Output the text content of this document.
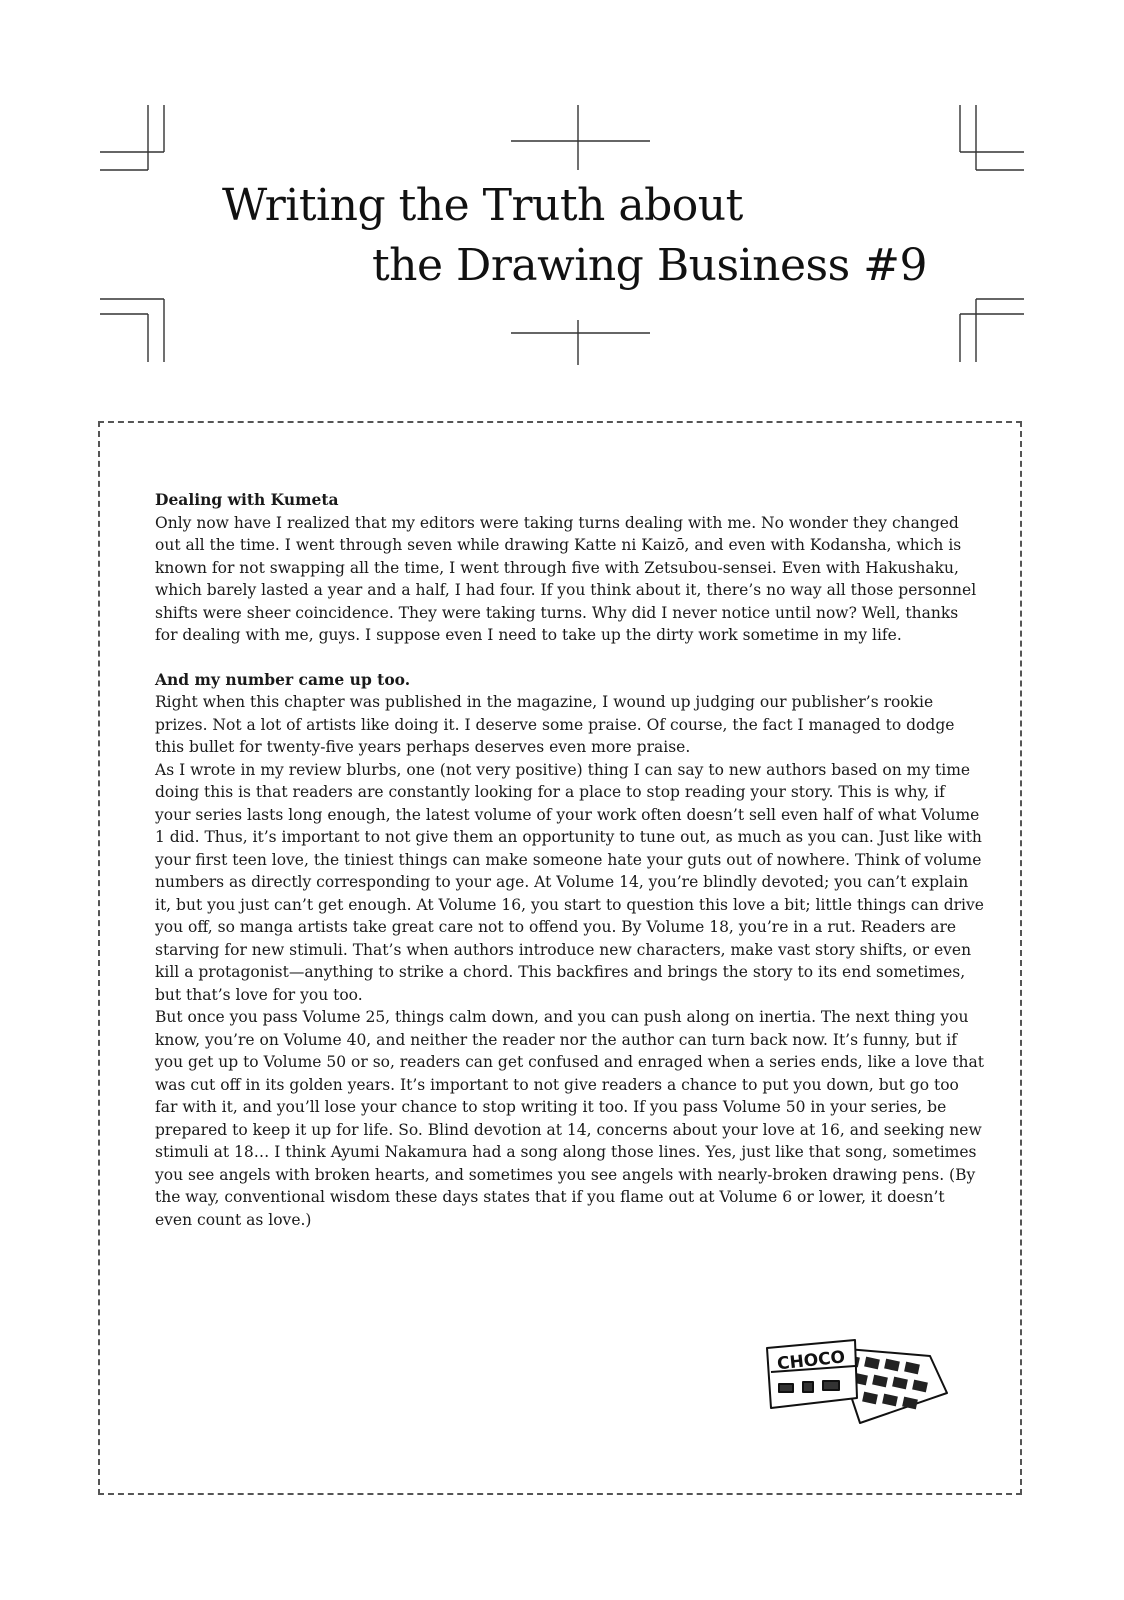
Writing the Truth about
the Drawing Business #9

Dealing with Kumeta

Only now have I realized that my editors were taking turns dealing with me. No wonder they changed out all the time. I went through seven while drawing Katte ni Kaizō, and even with Kodansha, which is known for not swapping all the time, I went through five with Zetsubou-sensei. Even with Hakushaku, which barely lasted a year and a half, I had four. If you think about it, there’s no way all those personnel shifts were sheer coincidence. They were taking turns. Why did I never notice until now? Well, thanks for dealing with me, guys. I suppose even I need to take up the dirty work sometime in my life.

And my number came up too.

Right when this chapter was published in the magazine, I wound up judging our publisher’s rookie prizes. Not a lot of artists like doing it. I deserve some praise. Of course, the fact I managed to dodge this bullet for twenty-five years perhaps deserves even more praise.

As I wrote in my review blurbs, one (not very positive) thing I can say to new authors based on my time doing this is that readers are constantly looking for a place to stop reading your story. This is why, if your series lasts long enough, the latest volume of your work often doesn’t sell even half of what Volume 1 did. Thus, it’s important to not give them an opportunity to tune out, as much as you can. Just like with your first teen love, the tiniest things can make someone hate your guts out of nowhere. Think of volume numbers as directly corresponding to your age. At Volume 14, you’re blindly devoted; you can’t explain it, but you just can’t get enough. At Volume 16, you start to question this love a bit; little things can drive you off, so manga artists take great care not to offend you. By Volume 18, you’re in a rut. Readers are starving for new stimuli. That’s when authors introduce new characters, make vast story shifts, or even kill a protagonist—anything to strike a chord. This backfires and brings the story to its end sometimes, but that’s love for you too.

But once you pass Volume 25, things calm down, and you can push along on inertia. The next thing you know, you’re on Volume 40, and neither the reader nor the author can turn back now. It’s funny, but if you get up to Volume 50 or so, readers can get confused and enraged when a series ends, like a love that was cut off in its golden years. It’s important to not give readers a chance to put you down, but go too far with it, and you’ll lose your chance to stop writing it too. If you pass Volume 50 in your series, be prepared to keep it up for life. So. Blind devotion at 14, concerns about your love at 16, and seeking new stimuli at 18… I think Ayumi Nakamura had a song along those lines. Yes, just like that song, sometimes you see angels with broken hearts, and sometimes you see angels with nearly-broken drawing pens. (By the way, conventional wisdom these days states that if you flame out at Volume 6 or lower, it doesn’t even count as love.)

CHOCO
